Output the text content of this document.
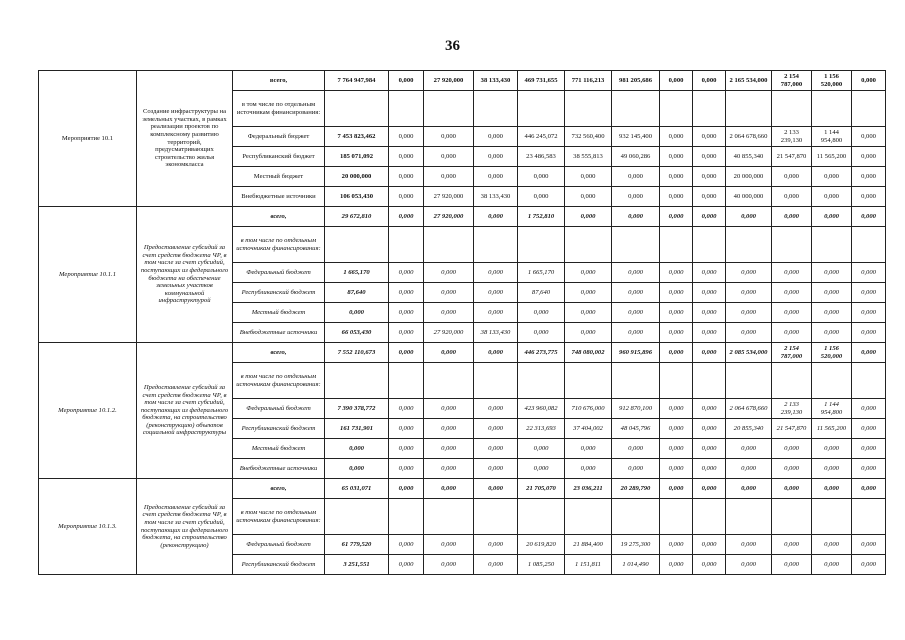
36
Мероприятие 10.1	Создание инфраструктуры на земельных участках, в рамках реализации проектов по комплексному развитию территорий, предусматривающих строительство жилья экономкласса	всего,	7 764 947,984	0,000	27 920,000	38 133,430	469 731,655	771 116,213	981 205,686	0,000	0,000	2 165 534,000	2 154 787,000	1 156 520,000	0,000
		в том числе по отдельным источникам финансирования:													
		Федеральный бюджет	7 453 823,462	0,000	0,000	0,000	446 245,072	732 560,400	932 145,400	0,000	0,000	2 064 678,660	2 133 239,130	1 144 954,800	0,000
		Республиканский бюджет	185 071,092	0,000	0,000	0,000	23 486,583	38 555,813	49 060,286	0,000	0,000	40 855,340	21 547,870	11 565,200	0,000
		Местный бюджет	20 000,000	0,000	0,000	0,000	0,000	0,000	0,000	0,000	0,000	20 000,000	0,000	0,000	0,000
		Внебюджетные источники	106 053,430	0,000	27 920,000	38 133,430	0,000	0,000	0,000	0,000	0,000	40 000,000	0,000	0,000	0,000
Мероприятие 10.1.1	Предоставление субсидий за счет средств бюджета ЧР, в том числе за счет субсидий, поступающих из федерального бюджета на обеспечение земельных участков коммунальной инфраструктурой	всего,	29 672,810	0,000	27 920,000	0,000	1 752,810	0,000	0,000	0,000	0,000	0,000	0,000	0,000	0,000
		в том числе по отдельным источникам финансирования:													
		Федеральный бюджет	1 665,170	0,000	0,000	0,000	1 665,170	0,000	0,000	0,000	0,000	0,000	0,000	0,000	0,000
		Республиканский бюджет	87,640	0,000	0,000	0,000	87,640	0,000	0,000	0,000	0,000	0,000	0,000	0,000	0,000
		Местный бюджет	0,000	0,000	0,000	0,000	0,000	0,000	0,000	0,000	0,000	0,000	0,000	0,000	0,000
		Внебюджетные источники	66 053,430	0,000	27 920,000	38 133,430	0,000	0,000	0,000	0,000	0,000	0,000	0,000	0,000	0,000
Мероприятие 10.1.2.	Предоставление субсидий за счет средств бюджета ЧР, в том числе за счет субсидий, поступающих из федерального бюджета, на строительство (реконструкцию) объектов социальной инфраструктуры	всего,	7 552 110,673	0,000	0,000	0,000	446 273,775	748 080,002	960 915,896	0,000	0,000	2 085 534,000	2 154 787,000	1 156 520,000	0,000
		в том числе по отдельным источникам финансирования:													
		Федеральный бюджет	7 390 378,772	0,000	0,000	0,000	423 960,082	710 676,000	912 870,100	0,000	0,000	2 064 678,660	2 133 239,130	1 144 954,800	0,000
		Республиканский бюджет	161 731,901	0,000	0,000	0,000	22 313,693	37 404,002	48 045,796	0,000	0,000	20 855,340	21 547,870	11 565,200	0,000
		Местный бюджет	0,000	0,000	0,000	0,000	0,000	0,000	0,000	0,000	0,000	0,000	0,000	0,000	0,000
		Внебюджетные источники	0,000	0,000	0,000	0,000	0,000	0,000	0,000	0,000	0,000	0,000	0,000	0,000	0,000
Мероприятие 10.1.3.	Предоставление субсидий за счет средств бюджета ЧР, в том числе за счет субсидий, поступающих из федерального бюджета, на строительство (реконструкцию)	всего,	65 031,071	0,000	0,000	0,000	21 705,070	23 036,211	20 289,790	0,000	0,000	0,000	0,000	0,000	0,000
		в том числе по отдельным источникам финансирования:													
		Федеральный бюджет	61 779,520	0,000	0,000	0,000	20 619,820	21 884,400	19 275,300	0,000	0,000	0,000	0,000	0,000	0,000
		Республиканский бюджет	3 251,551	0,000	0,000	0,000	1 085,250	1 151,811	1 014,490	0,000	0,000	0,000	0,000	0,000	0,000
